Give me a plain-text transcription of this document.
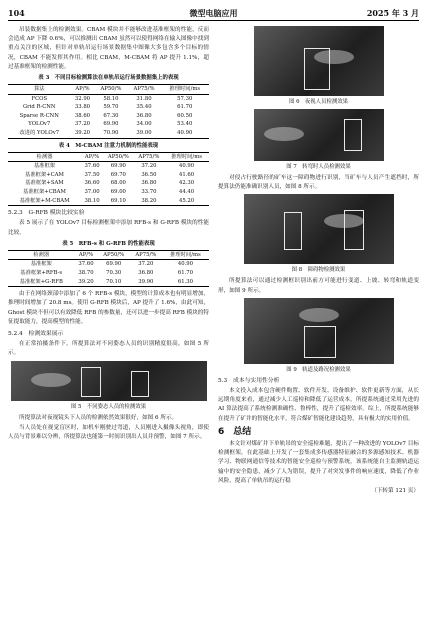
104	微型电脑应用	2025 年 3 月

吊装数据集上的检测效果。CBAM 模块并不能够改进基准框架的性能，反而会造成 AP 下降 0.6%，可以推测出 CBAM 虽然可以使得网络在输入图像中找到重点关注的区域，但针对单轨吊运行场景数据集中图像大多包含多个目标的情况，CBAM 不能发挥其作用。相比 CBAM，M-CBAM 将 AP 提升 1.1%，超过基准框架的检测性能。

表 3　不同目标检测算法在单轨吊运行场景数据集上的表现
算法	AP/%	AP50/%	AP75/%	推理时间/ms
FCOS	32.90	58.10	31.80	57.30
Grid R-CNN	33.80	59.70	35.40	61.70
Sparse R-CNN	38.60	67.30	36.80	60.50
YOLOv7	37.20	69.90	34.00	53.40
改进的 YOLOv7	39.20	70.90	39.00	40.90
表 4　M-CBAM 注意力机制的性能表现
检测器	AP/%	AP50/%	AP75/%	推理时间/ms
基准框架	37.60	69.90	37.20	40.90
基准框架+CAM	37.50	69.70	36.50	41.60
基准框架+SAM	36.60	68.00	36.80	42.30
基准框架+CBAM	37.00	69.00	33.70	44.40
基准框架+M-CBAM	38.10	69.10	38.20	45.20
5.2.3　G-RFB 模块比较实验

表 5 展示了在 YOLOv7 目标检测框架中添加 RFB-s 和 G-RFB 模块的性能比较。

表 5　RFB-s 和 G-RFB 的性能表现
检测器	AP/%	AP50/%	AP75/%	推理时间/ms
基准框架	37.60	69.90	37.20	40.90
基准框架+RFB-s	38.70	70.30	36.80	61.70
基准框架+G-RFB	39.20	70.10	39.90	61.30

由于在网络颈部中添加了 6 个 RFB-s 模块，模型的计算成本也有明显增加，推理时间增加了 20.8 ms。使用 G-RFB 模块后，AP 提升了 1.6%，由此可知，Ghost 模块不但可以有效降低 RFB 的参数量，还可以进一步提高 RFB 模块的特征提取能力，提高模型的性能。

5.2.4　检测效果展示

在正常拍摄条件下，所提算法对不同姿态人员的识别精度很高，如图 5 所示。

图 5　不同姿态人员的检测效果

所提算法对夜视镜头下人员的检测依然效果很好，如图 6 所示。

当人员处在视觉盲区时，如机车刚驶过弯道，人员刚进入摄像头视角，即使人员与背景难以分辨，所提算法也能第一时间识别出人员并预警，如图 7 所示。

图 6　夜视人员检测效果
图 7　转弯时人员检测效果

对侵占行驶路径的矿车这一障碍物进行识别，当矿车与人员产生遮挡时，所提算法仍能准确识别人员，如图 8 所示。

图 8　障碍物检测效果

所提算法可以通过检测框识别出前方可能进行变道、上坡、转弯和轨道变形，如图 9 所示。

图 9　轨道及路况检测效果
5.3　成本与实用性分析

本文投入成本包含硬件购置、软件开发、设备维护、软件更新等方面，从长远期角度来看，通过减少人工巡检和降低了运营成本。所提系统通过采用先进的 AI 算法提高了系统检测准确性、鲁棒性，提升了巡检效率。综上，所提系统能够在提升了矿井的智能化水平，符合煤矿智能化建设趋势，具有极大的实用价值。

6　总结

本文针对煤矿井下单轨吊的安全巡检难题，提出了一种改进的 YOLOv7 目标检测框架，在此基础上开发了一套集成多传感器特征融合的多源感知技术、机器学习、物联网通信等技术的智能安全巡检与预警系统。该系统能自主监测轨道运输中的安全隐患，减少了人为错误，提升了对突发事件的响应速度，降低了作业风险，提高了单轨吊的运行稳

（下转第 121 页）
